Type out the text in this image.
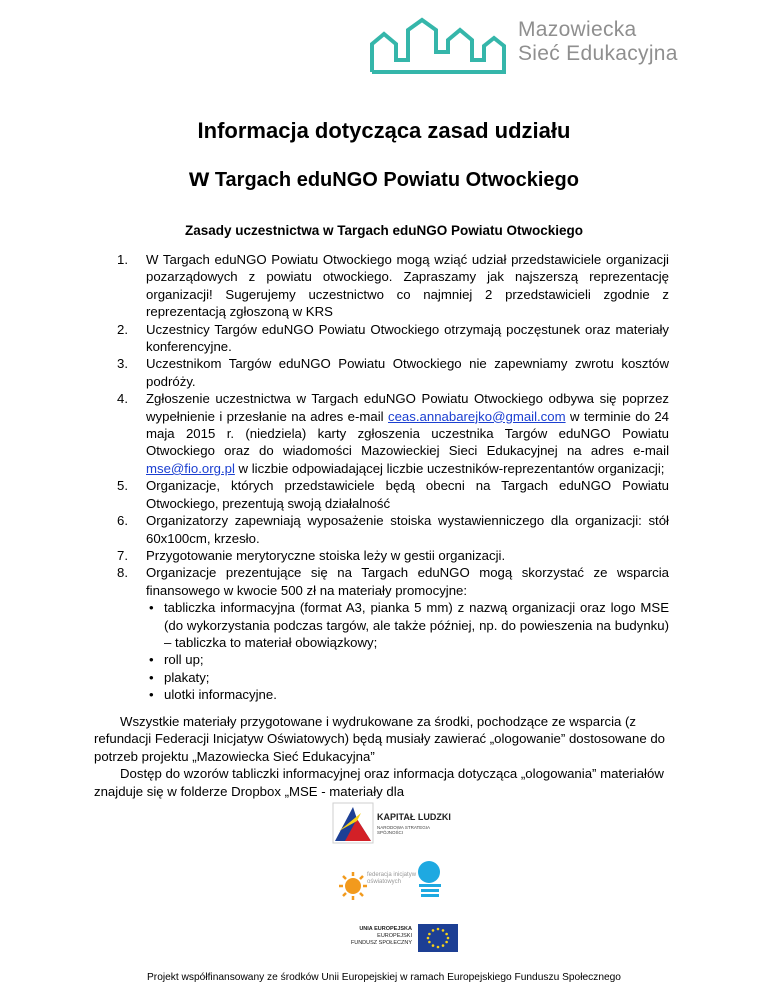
Mazowiecka
Sieć Edukacyjna
Informacja dotycząca zasad udziału
w Targach eduNGO Powiatu Otwockiego
Zasady uczestnictwa w Targach eduNGO Powiatu Otwockiego
1. W Targach eduNGO Powiatu Otwockiego mogą wziąć udział przedstawiciele organizacji pozarządowych z powiatu otwockiego. Zapraszamy jak najszerszą reprezentację organizacji! Sugerujemy uczestnictwo co najmniej 2 przedstawicieli zgodnie z reprezentacją zgłoszoną w KRS
2. Uczestnicy Targów eduNGO Powiatu Otwockiego otrzymają poczęstunek oraz materiały konferencyjne.
3. Uczestnikom Targów eduNGO Powiatu Otwockiego nie zapewniamy zwrotu kosztów podróży.
4. Zgłoszenie uczestnictwa w Targach eduNGO Powiatu Otwockiego odbywa się poprzez wypełnienie i przesłanie na adres e-mail ceas.annabarejko@gmail.com w terminie do 24 maja 2015 r. (niedziela) karty zgłoszenia uczestnika Targów eduNGO Powiatu Otwockiego oraz do wiadomości Mazowieckiej Sieci Edukacyjnej na adres e-mail mse@fio.org.pl w liczbie odpowiadającej liczbie uczestników-reprezentantów organizacji;
5. Organizacje, których przedstawiciele będą obecni na Targach eduNGO Powiatu Otwockiego, prezentują swoją działalność
6. Organizatorzy zapewniają wyposażenie stoiska wystawienniczego dla organizacji: stół 60x100cm, krzesło.
7. Przygotowanie merytoryczne stoiska leży w gestii organizacji.
8. Organizacje prezentujące się na Targach eduNGO mogą skorzystać ze wsparcia finansowego w kwocie 500 zł na materiały promocyjne:
• tabliczka informacyjna (format A3, pianka 5 mm) z nazwą organizacji oraz logo MSE (do wykorzystania podczas targów, ale także później, np. do powieszenia na budynku) – tabliczka to materiał obowiązkowy;
• roll up;
• plakaty;
• ulotki informacyjne.
Wszystkie materiały przygotowane i wydrukowane za środki, pochodzące ze wsparcia (z refundacji Federacji Inicjatyw Oświatowych) będą musiały zawierać „ologowanie” dostosowane do potrzeb projektu „Mazowiecka Sieć Edukacyjna”
Dostęp do wzorów tabliczki informacyjnej oraz informacja dotycząca „ologowania” materiałów znajduje się w folderze Dropbox „MSE - materiały dla
KAPITAŁ LUDZKI
NARODOWA STRATEGIA SPÓJNOŚCI
federacja inicjatyw oświatowych
UNIA EUROPEJSKA
EUROPEJSKI
FUNDUSZ SPOŁECZNY
Projekt współfinansowany ze środków Unii Europejskiej w ramach Europejskiego Funduszu Społecznego
